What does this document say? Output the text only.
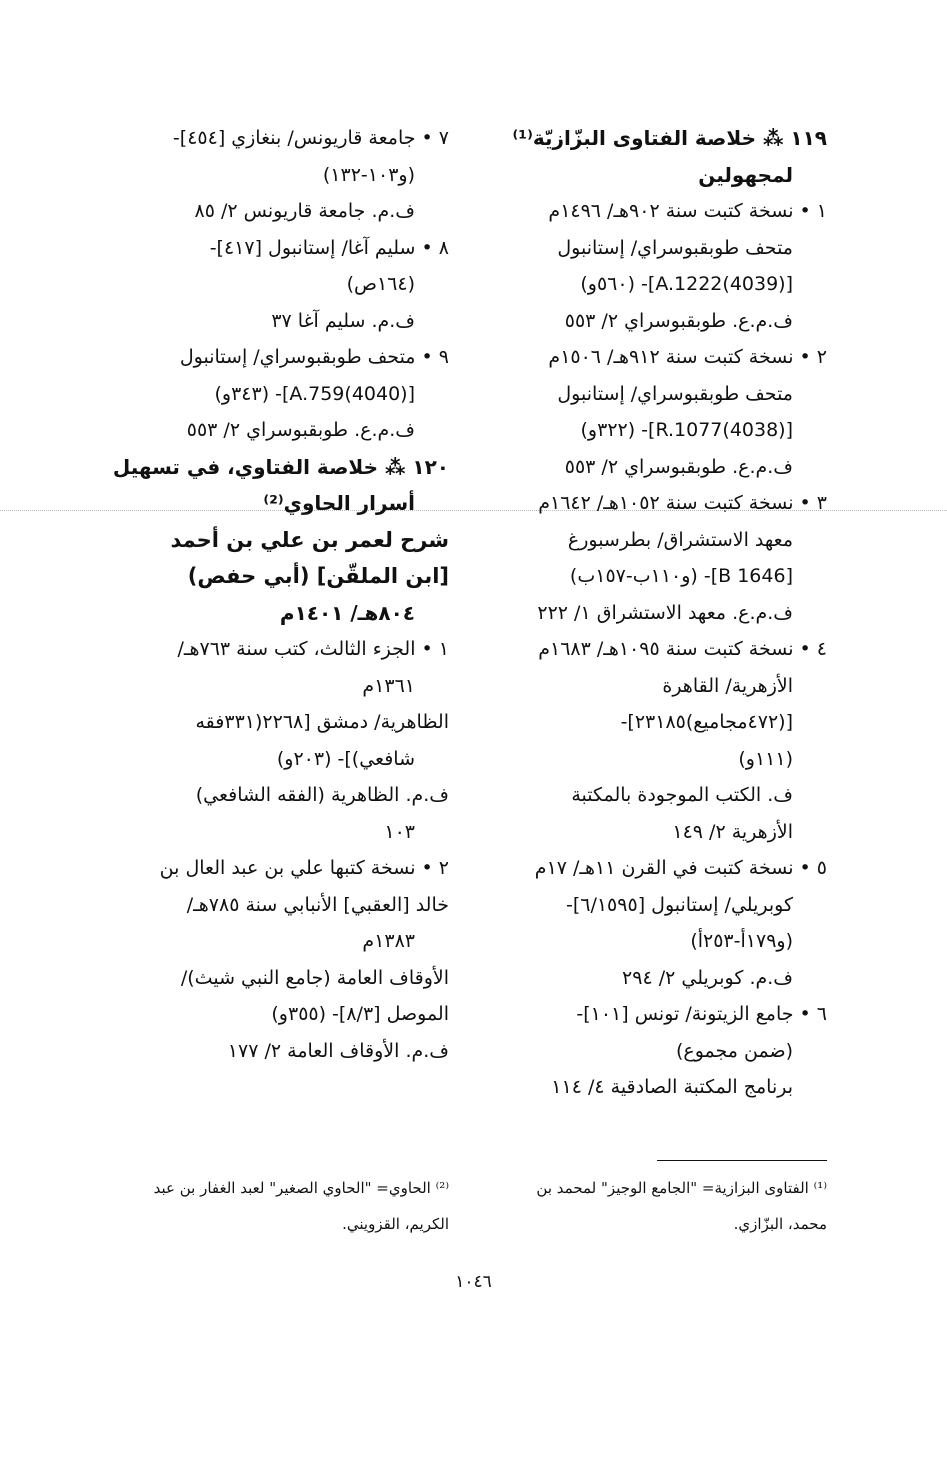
١١٩ ⁂ خلاصة الفتاوى البزّازيّة⁽¹⁾
لمجهولين
١ • نسخة كتبت سنة ٩٠٢هـ/ ١٤٩٦م
متحف طوبقبوسراي/ إستانبول
[(4039)A.1222]- (٥٦٠و)
ف.م.ع. طوبقبوسراي ٢/ ٥٥٣
٢ • نسخة كتبت سنة ٩١٢هـ/ ١٥٠٦م
متحف طوبقبوسراي/ إستانبول
[(4038)R.1077]- (٣٢٢و)
ف.م.ع. طوبقبوسراي ٢/ ٥٥٣
٣ • نسخة كتبت سنة ١٠٥٢هـ/ ١٦٤٢م
معهد الاستشراق/ بطرسبورغ
[B 1646]- (و١١٠ب-١٥٧ب)
ف.م.ع. معهد الاستشراق ١/ ٢٢٢
٤ • نسخة كتبت سنة ١٠٩٥هـ/ ١٦٨٣م
الأزهرية/ القاهرة
[(٤٧٢مجاميع)٢٣١٨٥]-
(١١١و)
ف. الكتب الموجودة بالمكتبة
الأزهرية ٢/ ١٤٩
٥ • نسخة كتبت في القرن ١١هـ/ ١٧م
كوبريلي/ إستانبول [٦/١٥٩٥]-
(و١٧٩أ-٢٥٣أ)
ف.م. كوبريلي ٢/ ٢٩٤
٦ • جامع الزيتونة/ تونس [١٠١]-
(ضمن مجموع)
برنامج المكتبة الصادقية ٤/ ١١٤
٧ • جامعة قاريونس/ بنغازي [٤٥٤]-
(و١٠٣-١٣٢)
ف.م. جامعة قاريونس ٢/ ٨٥
٨ • سليم آغا/ إستانبول [٤١٧]-
(١٦٤ص)
ف.م. سليم آغا ٣٧
٩ • متحف طوبقبوسراي/ إستانبول
[(4040)A.759]- (٣٤٣و)
ف.م.ع. طوبقبوسراي ٢/ ٥٥٣
١٢٠ ⁂ خلاصة الفتاوي، في تسهيل
أسرار الحاوي⁽²⁾
شرح لعمر بن علي بن أحمد
[ابن الملقّن] (أبي حفص)
٨٠٤هـ/ ١٤٠١م
١ • الجزء الثالث، كتب سنة ٧٦٣هـ/
١٣٦١م
الظاهرية/ دمشق [٢٢٦٨(٣٣١فقه
شافعي)]- (٢٠٣و)
ف.م. الظاهرية (الفقه الشافعي)
١٠٣
٢ • نسخة كتبها علي بن عبد العال بن
خالد [العقبي] الأنبابي سنة ٧٨٥هـ/
١٣٨٣م
الأوقاف العامة (جامع النبي شيث)/
الموصل [٨/٣]- (٣٥٥و)
ف.م. الأوقاف العامة ٢/ ١٧٧
⁽¹⁾ الفتاوى البزازية= "الجامع الوجيز" لمحمد بن
محمد، البزّازي.
⁽²⁾ الحاوي= "الحاوي الصغير" لعبد الغفار بن عبد
الكريم، القزويني.
١٠٤٦
